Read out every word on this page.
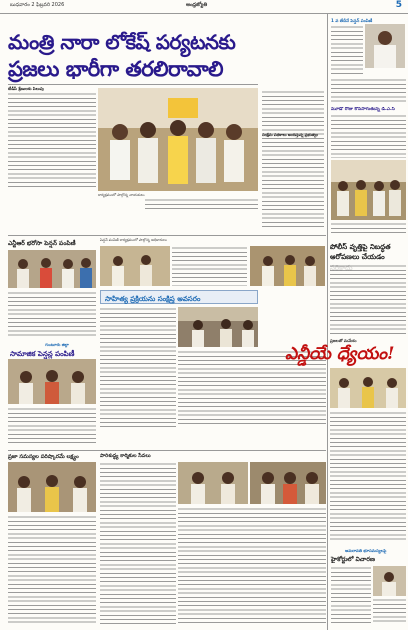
బుధవారం 2 ఫిబ్రవరి 2026	ఆంధ్రజ్యోతి	5
మంత్రి నారా లోకేష్ పర్యటనకు
ప్రజలు భారీగా తరలిరావాలి
టీడీపీ శ్రేణులకు పిలుపు
కార్యక్రమంలో పాల్గొన్న నాయకులు
సంక్షేమ పథకాలు అందిస్తున్న ప్రభుత్వం
1 వ తేదీనే పెన్షన్ పంపిణీ
మూడో రోజు కొనసాగుతున్న డీ.ఎ.సీ
ఎన్టీఆర్ భరోసా పెన్షన్ పంపిణీ	పెన్షన్ పంపిణీ కార్యక్రమంలో పాల్గొన్న అధికారులు
పోలీస్ వృత్తిపై నిబద్ధత
ఆరోపణలు చేయడం
సాహిత్య ప్రక్రియను సంక్షిప్త అవసరం
గుంటూరు జిల్లా
సామాజిక పెన్షన్ల పంపిణీ
ప్రజలతో మమేకం
ఎన్డీయే ధ్యేయం!
ప్రజా సమస్యల పరిష్కారమే లక్ష్యం	పారిశుద్ధ్య కార్మికుల సేవలు
అమరావతి భూసమస్యలపై
హైకోర్టులో విచారణ
